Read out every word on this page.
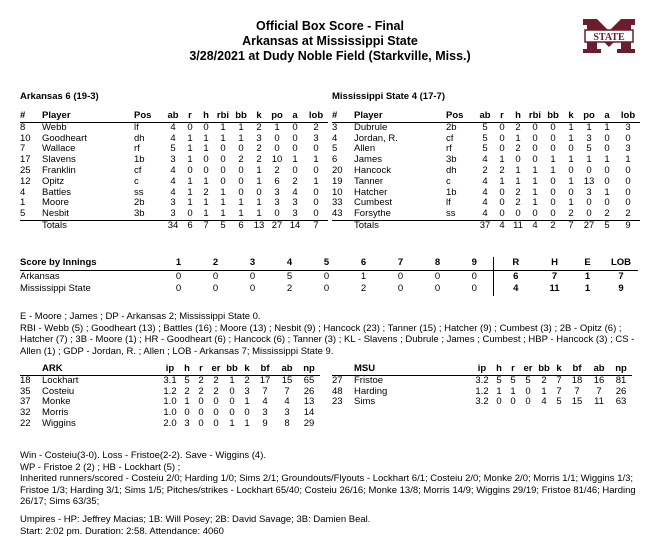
Official Box Score - Final
Arkansas at Mississippi State
3/28/2021 at Dudy Noble Field (Starkville, Miss.)
STATE
Arkansas 6 (19-3)	Mississippi State 4 (17-7)
#	Player	Pos	ab	r	h	rbi	bb	k	po	a	lob
8	Webb	lf	4	0	0	1	1	2	1	0	2
10	Goodheart	dh	4	1	1	1	1	3	0	0	3
7	Wallace	rf	5	1	1	0	0	2	0	0	0
17	Slavens	1b	3	1	0	0	2	2	10	1	1
25	Franklin	cf	4	0	0	0	0	1	2	0	0
12	Opitz	c	4	1	1	0	0	1	6	2	1
4	Battles	ss	4	1	2	1	0	0	3	4	0
1	Moore	2b	3	1	1	1	1	1	3	3	0
5	Nesbit	3b	3	0	1	1	1	1	0	3	0
	Totals		34	6	7	5	6	13	27	14	7
#	Player	Pos	ab	r	h	rbi	bb	k	po	a	lob
3	Dubrule	2b	5	0	2	0	0	1	1	1	3
4	Jordan, R.	cf	5	0	1	0	0	1	3	0	0
5	Allen	rf	5	0	2	0	0	0	5	0	3
6	James	3b	4	1	0	0	1	1	1	1	1
20	Hancock	dh	2	2	1	1	1	0	0	0	0
19	Tanner	c	4	1	1	1	0	1	13	0	0
10	Hatcher	1b	4	0	2	1	0	0	3	1	0
33	Cumbest	lf	4	0	2	1	0	1	0	0	0
43	Forsythe	ss	4	0	0	0	0	2	0	2	2
	Totals		37	4	11	4	2	7	27	5	9
Score by Innings	1	2	3	4	5	6	7	8	9	R	H	E	LOB
Arkansas	0	0	0	5	0	1	0	0	0	6	7	1	7
Mississippi State	0	0	0	2	0	2	0	0	0	4	11	1	9
E - Moore ; James ; DP - Arkansas 2; Mississippi State 0.
RBI - Webb (5) ; Goodheart (13) ; Battles (16) ; Moore (13) ; Nesbit (9) ; Hancock (23) ; Tanner (15) ; Hatcher (9) ; Cumbest (3) ; 2B - Opitz (6) ;
Hatcher (7) ; 3B - Moore (1) ; HR - Goodheart (6) ; Hancock (6) ; Tanner (3) ; KL - Slavens ; Dubrule ; James ; Cumbest ; HBP - Hancock (3) ; CS -
Allen (1) ; GDP - Jordan, R. ; Allen ; LOB - Arkansas 7; Mississippi State 9.
	ARK	ip	h	r	er	bb	k	bf	ab	np
18	Lockhart	3.1	5	2	2	1	2	17	15	65
35	Costeiu	1.2	2	2	2	0	3	7	7	26
37	Monke	1.0	1	0	0	0	1	4	4	13
32	Morris	1.0	0	0	0	0	0	3	3	14
22	Wiggins	2.0	3	0	0	1	1	9	8	29
	MSU	ip	h	r	er	bb	k	bf	ab	np
27	Fristoe	3.2	5	5	5	2	7	18	16	81
48	Harding	1.2	1	1	0	1	7	7	7	26
23	Sims	3.2	0	0	0	4	5	15	11	63
Win - Costeiu(3-0). Loss - Fristoe(2-2). Save - Wiggins (4).
WP - Fristoe 2 (2) ; HB - Lockhart (5) ;
Inherited runners/scored - Costeiu 2/0; Harding 1/0; Sims 2/1; Groundouts/Flyouts - Lockhart 6/1; Costeiu 2/0; Monke 2/0; Morris 1/1; Wiggins 1/3;
Fristoe 1/3; Harding 3/1; Sims 1/5; Pitches/strikes - Lockhart 65/40; Costeiu 26/16; Monke 13/8; Morris 14/9; Wiggins 29/19; Fristoe 81/46; Harding
26/17; Sims 63/35;
Umpires - HP: Jeffrey Macias; 1B: Will Posey; 2B: David Savage; 3B: Damien Beal.
Start: 2:02 pm. Duration: 2:58. Attendance: 4060
